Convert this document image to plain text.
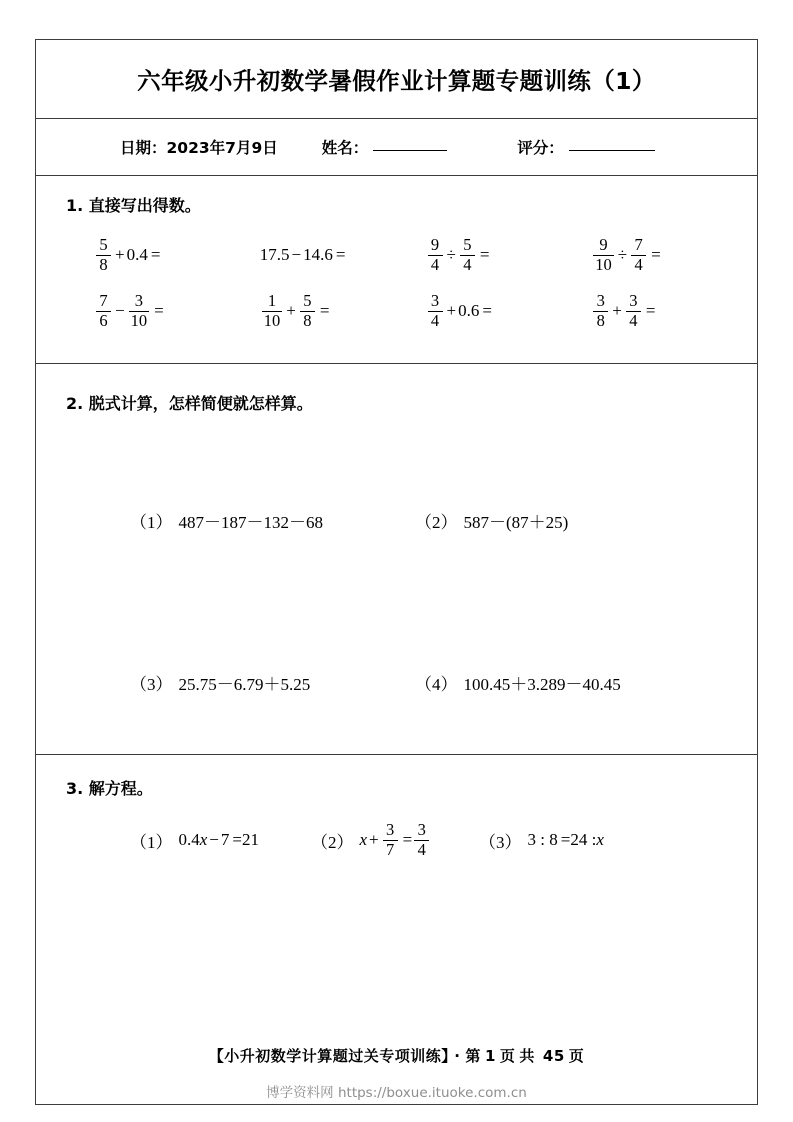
六年级小升初数学暑假作业计算题专题训练（1）
日期： 2023年7月9日	姓名：	评分：
1. 直接写出得数。
$\frac{5}{8} + 0.4$ =	17.5 − 14.6 =	$\frac{9}{4} \div \frac{5}{4}$ =	$\frac{9}{10} \div \frac{7}{4}$ =
$\frac{7}{6} - \frac{3}{10}$ =	$\frac{1}{10} + \frac{5}{8}$ =	$\frac{3}{4} + 0.6$ =	$\frac{3}{8} + \frac{3}{4}$ =
2. 脱式计算，怎样简便就怎样算。
（1） 487－187－132－68	（2） 587－(87＋25)
（3） 25.75－6.79＋5.25	（4） 100.45＋3.289－40.45
3. 解方程。
（1） 0.4 x − 7 = 21	（2） $x + \frac{3}{7} = \frac{3}{4}$	（3） 3 : 8 = 24 : x
【小升初数学计算题过关专项训练】 · 第 1 页 共 45 页
博学资料网 https://boxue.ituoke.com.cn
